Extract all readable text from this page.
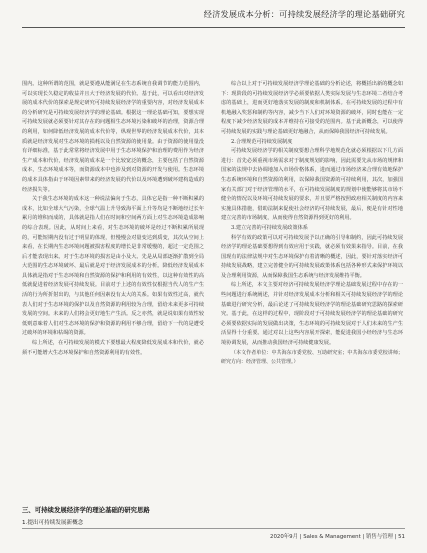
经济发展成本分析：可持续发展经济学的理论基础研究

围内。这种所谓的范围，就是要遵从能满足在生态系统自我调节的能力范围内，可以实现长久稳定的收益并且大于经济发展的代价。基于此，可以看出对经济发展的成本代价的探索是规定研究可持续发展经济学的重要内容，对经济发展成本的分析研究是可持续发展经济学的理论基础。根据这一理论基础可知，要想实现可持续发展就必须要针对其存在的问题相生态环境污染和破坏的治理，资源合理的利用，如何降低经济发展的成本代价等，纵观世界的经济发展成本代价，其本质就是经济发展对生态环境的损耗以及自然资源的使用量。由于资源的使用量没有详细标准，基于此常常将经济发展中用于生态环境保护和治理的费用作为经济生产成本和代价，经济发展的成本是一个比较宽泛的概念，主要包括了自然资源成本，生态环境成本等，而资源成本中也涉及到对资源的开发与使用。生态环境的成本具体指由于环境因素带来的经济发展的代价以及环境遭到破坏建构造成的经济损失等。

关于我生态环境的成本这一种说法偏向于生态，具体它是指一种不断积累的成本，比如全球大气污染，全球气温上升导致海平面上升等均是不断地经过长年累月的堆积而成的，具体就是指人们在时间和空间两方面上对生态环境造成影响的综合表现。因此，从时间上来看，对生态环境的破坏是经过不断积累所展现的，可能短期内没有过于明显的体现，但慢慢会对量变达到质变，其次从空间上来看，在长期内生态环境问题被损害程度的增长是非常缓慢的，超过一定范围之后才能表现出来。对于生态环境的损害是由小及大、先是从局部逐渐扩散到全局大范围的生态环境破坏、最后就是对于经济发展成本的分析。降低经济发展成本具体就是指对于生态环境和自然资源的保护和利用的有效性，以这种有效性的高低就促进着经济发展可持续发展。目前对于上述的有效性仅根据当代人的生产生活的行为所折射出的，与其他任何因素没有太大的关系。如果有效性过高，就代表人们对于生态环境的保护以及自然资源的利用较为合理，留给未来更多可持续发展的空间。未来的人们将会更好地生产生活。反之亦然，就是说如果有效性较低则意味着人们对生态环境的保护和资源的利用不够合理，留给下一代的是遭受过破坏的环境和枯竭的资源。

综上所述，在可持续发展的模式下要想最大程度降低发展成本和代价，就必须不可能增大生态环境保护和自然资源利用的有效性。

三、可持续发展经济学的理论基础的研究思路
1.提出可持续发展新概念

综合以上对于可持续发展经济学理论基础的分析论述，将概括出新的概念如下：现阶段的可持续发展经济学必须要依据人类实际发展与生态环境二者结合考虑的基础上，进而更好地落实发展的制度和机制体系。在可持续发展的过程中有机地融入奖惩和制约等内容，减少当下人们对环境资源的破坏，同时也能在一定程度下减少经济发展的成本并维持在可接受的范围内。基于此新概念，可以使得可持续发展的实践与理论基础更好地融合，从而保障我国经济可持续发展。

2.合理规范可持续发展制度

可持续发展经济学的相关制度要想合理科学地规范化就必须根据以下几方面进行：首先必须重视市场需求对于制度规划的影响，因此需要先从市场的规律和国家的法规中去协调地加入市场价格体系，进而通过市场经济来合理有效地保护生态系统环境和自然资源的利用，以保障我国资源的可持续利用，其次，加强国家有关部门对于经济管理的水平，在可持续发展制度的规划中使能够将其市场不健全的情况以及环境可持续发展的要求，并且要严格按照政府相关制度的内容来实施具体措施，借助法制来促使社会经济的可持续发展，最后，便是有针对性地建立完善的市场制度，从而使得自然资源得到更好的利用。

3.建立完善的可持续发展政策体系

科学有效的政策可以对可持续发展予以正确的引导和制约，因此可持续发展经济学的理论基础要想得到有效应用于实践，就必须有效果来指导。目前，在我国现有的法律法规中对生态环境保护有着清晰的概述，因此，要针对落实经济可持续发展战略，建立完善健全的可持续发展政策体系包括各种形式来保护环境以及合理利用资源，从而保障我国生态系统与经济发展维持平衡。

综上所述，本文主要对经济可持续发展经济学理论基础发展过程中存在的一些问题进行系统阐述，并针对经济发展成本分析和相关可持续发展经济学的理论基础进行研究分析，最后论述了可持续发展经济学的理论基础研究思路的探索研究。基于此，在这样的过程中，现阶段对于可持续发展经济学的理论基础的研究必须要依据实际的发展做出决策，生态环境的可持续发展对于人们未来的生产生活显得十分重要。通过对以上这些内容展开探索，能促进我国小经经济与生态环境协调发展，从而推动我国经济可持续健康发展。

（本文作者单位：中共海东市委党校、互助研究室；中共海东市委党校讲师；研究方向：经济管理、公共管理。）

2020年9月 | Sales & Management | 销售与管理 | 51
